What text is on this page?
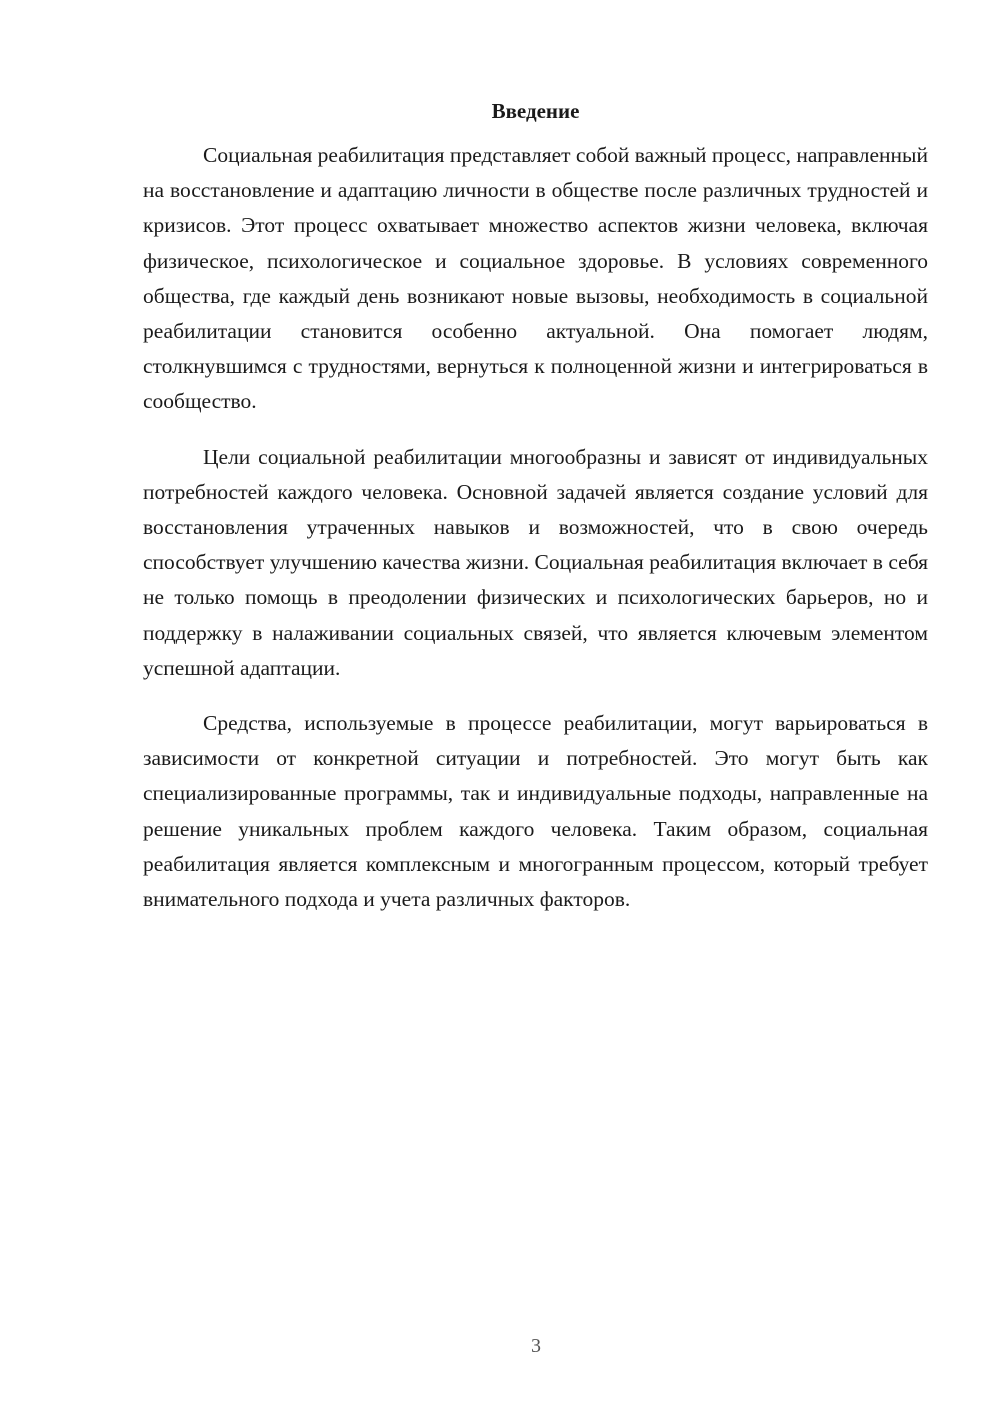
Введение

Социальная реабилитация представляет собой важный процесс, направленный на восстановление и адаптацию личности в обществе после различных трудностей и кризисов. Этот процесс охватывает множество аспектов жизни человека, включая физическое, психологическое и социальное здоровье. В условиях современного общества, где каждый день возникают новые вызовы, необходимость в социальной реабилитации становится особенно актуальной. Она помогает людям, столкнувшимся с трудностями, вернуться к полноценной жизни и интегрироваться в сообщество.

Цели социальной реабилитации многообразны и зависят от индивидуальных потребностей каждого человека. Основной задачей является создание условий для восстановления утраченных навыков и возможностей, что в свою очередь способствует улучшению качества жизни. Социальная реабилитация включает в себя не только помощь в преодолении физических и психологических барьеров, но и поддержку в налаживании социальных связей, что является ключевым элементом успешной адаптации.

Средства, используемые в процессе реабилитации, могут варьироваться в зависимости от конкретной ситуации и потребностей. Это могут быть как специализированные программы, так и индивидуальные подходы, направленные на решение уникальных проблем каждого человека. Таким образом, социальная реабилитация является комплексным и многогранным процессом, который требует внимательного подхода и учета различных факторов.

3
